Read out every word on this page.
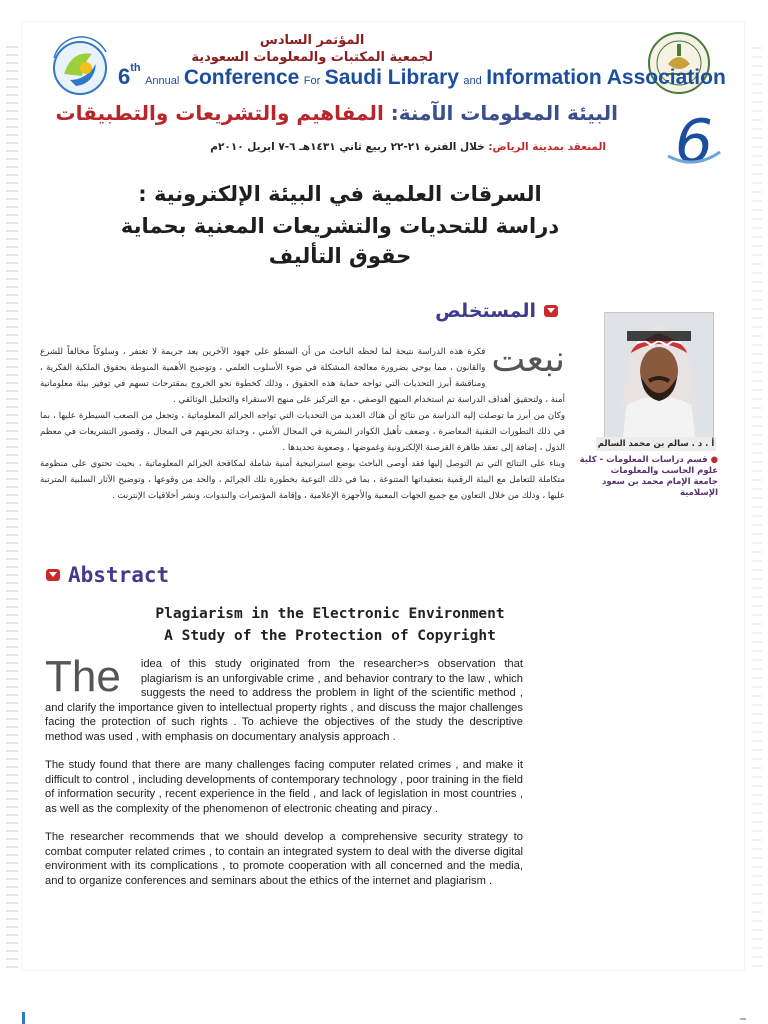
المؤتمر السادس
لجمعية المكتبات والمعلومات السعودية
6th Annual Conference For Saudi Library and Information Association
البيئة المعلومات الآمنة: المفاهيم والتشريعات والتطبيقات
المنعقد بمدينة الرياض: خلال الفترة ٢١-٢٢ ربيع ثاني ١٤٣١هـ ٦-٧ ابريل ٢٠١٠م	6
السرقات العلمية في البيئة الإلكترونية :
دراسة للتحديات والتشريعات المعنية بحماية
حقوق التأليف
المستخلص
أ . د . سالم بن محمد السالم
● قسم دراسات المعلومات - كلية
علوم الحاسب والمعلومات
جامعة الإمام محمد بن سعود
الإسلامية

نبعت
فكرة هذه الدراسة نتيجة لما لحظه الباحث من أن السطو على جهود الآخرين يعد جريمة لا تغتفر ، وسلوكاً مخالفاً للشرع والقانون ، مما يوحي بضرورة معالجة المشكلة في ضوء الأسلوب العلمي ، وتوضيح الأهمية المنوطة بحقوق الملكية الفكرية ، ومناقشة أبرز التحديات التي تواجه حماية هذه الحقوق ، وذلك كخطوة نحو الخروج بمقترحات تسهم في توفير بيئة معلوماتية أمنة ، ولتحقيق أهداف الدراسة تم استخدام المنهج الوصفي ، مع التركيز على منهج الاستقراء والتحليل الوثائقي .

وكان من أبرز ما توصلت إليه الدراسة من نتائج أن هناك العديد من التحديات التي تواجه الجرائم المعلوماتية ، وتجعل من الصعب السيطرة عليها ، بما في ذلك التطورات التقنية المعاصرة ، وضعف تأهيل الكوادر البشرية في المجال الأمني ، وحداثة تجربتهم في المجال ، وقصور التشريعات في معظم الدول ، إضافة إلى تعقد ظاهرة القرصنة الإلكترونية وغموضها ، وصعوبة تحديدها .

وبناء على النتائج التي تم التوصل إليها فقد أوصى الباحث بوضع استراتيجية أمنية شاملة لمكافحة الجرائم المعلوماتية ، بحيث تحتوي على منظومة متكاملة للتعامل مع البيئة الرقمية بتعقيداتها المتنوعة ، بما في ذلك التوعية بخطورة تلك الجرائم ، والحد من وقوعها ، وتوضيح الآثار السلبية المترتبة عليها ، وذلك من خلال التعاون مع جميع الجهات المعنية والأجهزة الإعلامية ، وإقامة المؤتمرات والندوات، ونشر أخلاقيات الإنترنت .

Abstract
Plagiarism in the Electronic Environment
A Study of the Protection of Copyright

The idea of this study originated from the researcher>s observation that plagiarism is an unforgivable crime , and behavior contrary to the law , which suggests the need to address the problem in light of the scientific method , and clarify the importance given to intellectual property rights , and discuss the major challenges facing the protection of such rights . To achieve the objectives of the study the descriptive method was used , with emphasis on documentary analysis approach .

The study found that there are many challenges facing computer related crimes , and make it difficult to control , including developments of contemporary technology , poor training in the field of information security , recent experience in the field , and lack of legislation in most countries , as well as the complexity of the phenomenon of electronic cheating and piracy .

The researcher recommends that we should develop a comprehensive security strategy to combat computer related crimes , to contain an integrated system to deal with the diverse digital environment with its complications , to promote cooperation with all concerned and the media, and to organize conferences and seminars about the ethics of the internet and plagiarism .
